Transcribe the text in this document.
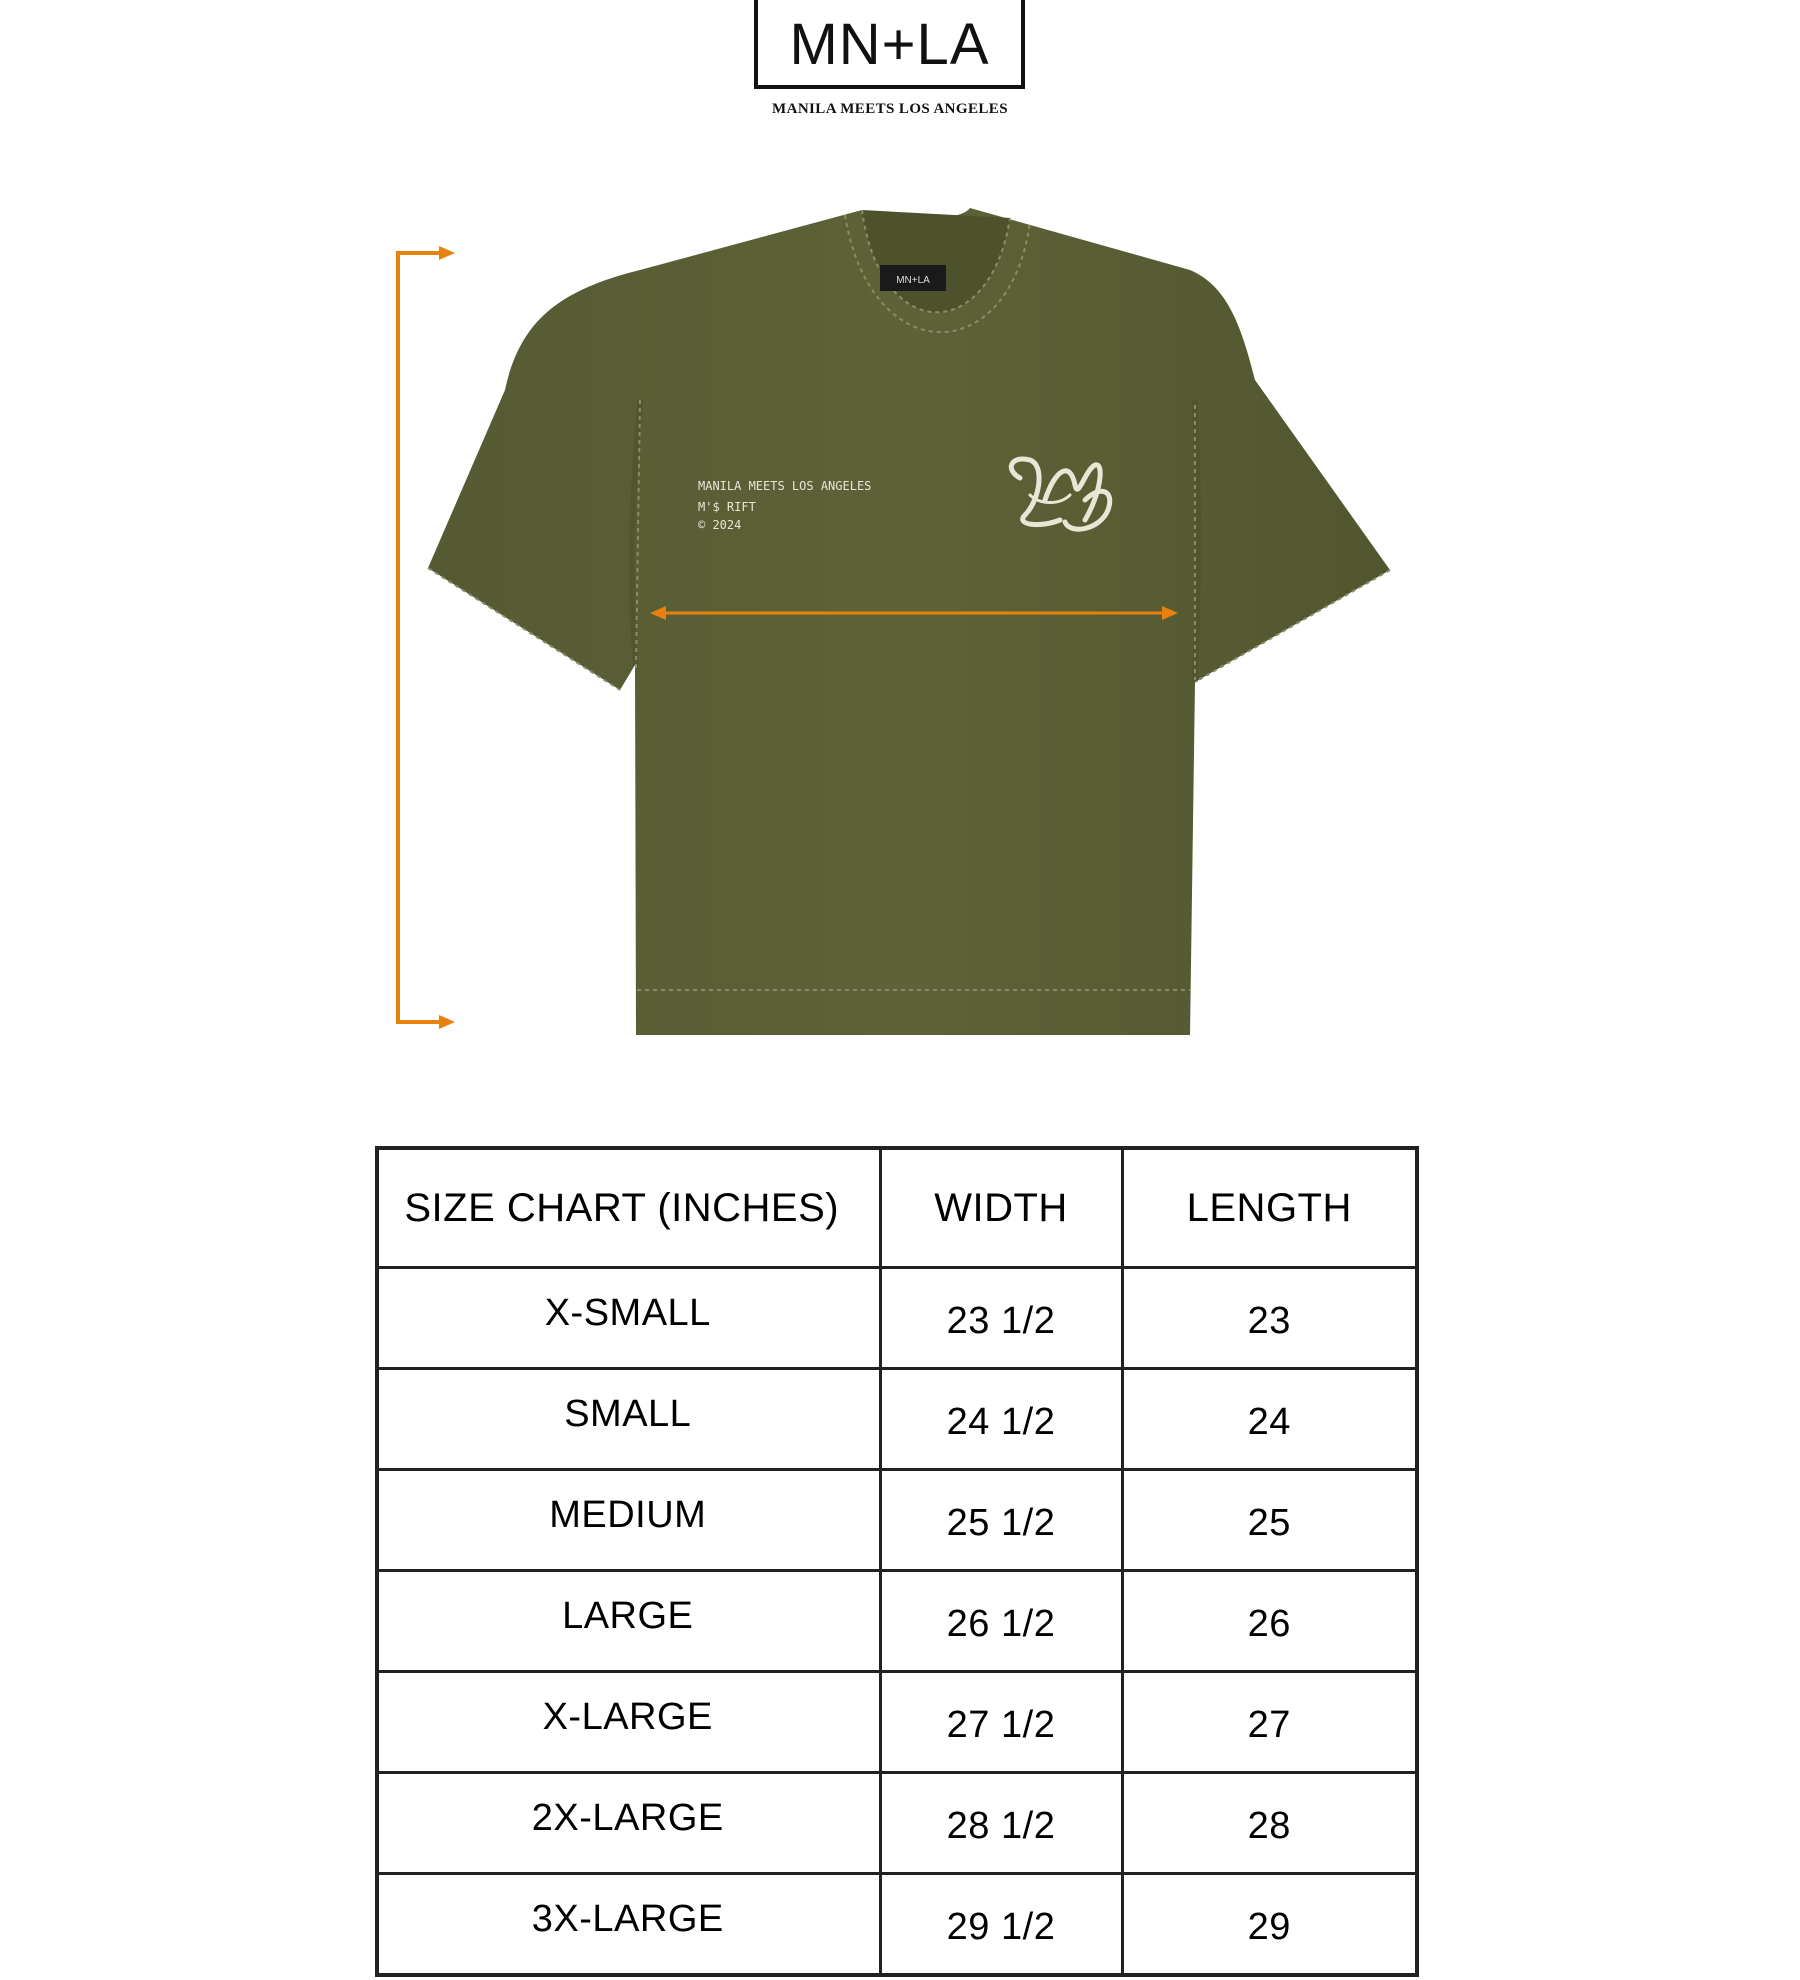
MN+LA
MANILA MEETS LOS ANGELES
MN+LA
MANILA MEETS LOS ANGELES
M'$ RIFT
© 2024
SIZE CHART (INCHES)	WIDTH	LENGTH
X-SMALL	23 1/2	23
SMALL	24 1/2	24
MEDIUM	25 1/2	25
LARGE	26 1/2	26
X-LARGE	27 1/2	27
2X-LARGE	28 1/2	28
3X-LARGE	29 1/2	29
